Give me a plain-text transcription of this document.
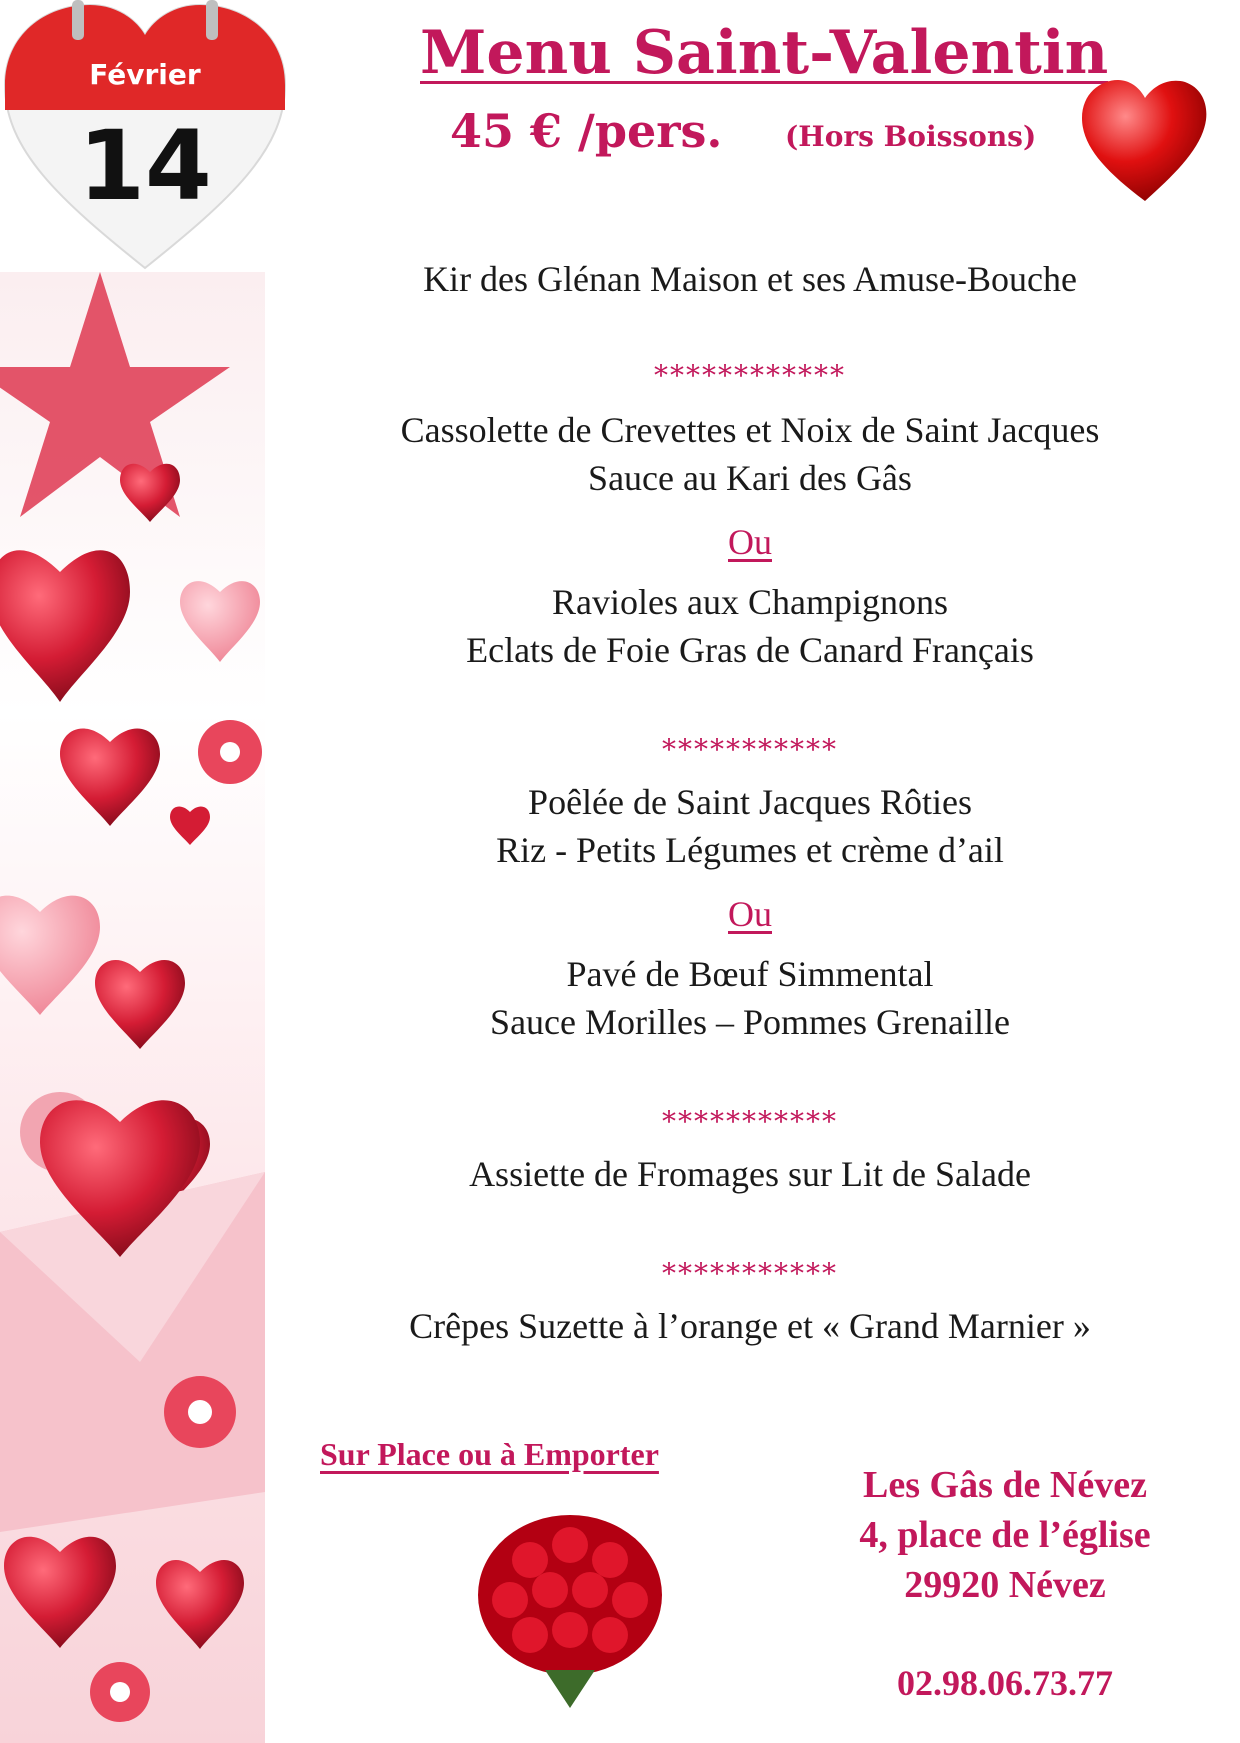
Février
14
Menu Saint-Valentin
45 € /pers. (Hors Boissons)
Kir des Glénan Maison et ses Amuse-Bouche
************
Cassolette de Crevettes et Noix de Saint Jacques
Sauce au Kari des Gâs
Ou
Ravioles aux Champignons
Eclats de Foie Gras de Canard Français
***********
Poêlée de Saint Jacques Rôties
Riz - Petits Légumes et crème d’ail
Ou
Pavé de Bœuf Simmental
Sauce Morilles – Pommes Grenaille
***********
Assiette de Fromages sur Lit de Salade
***********
Crêpes Suzette à l’orange et « Grand Marnier »
Sur Place ou à Emporter
Les Gâs de Névez
4, place de l’église
29920 Névez
02.98.06.73.77
